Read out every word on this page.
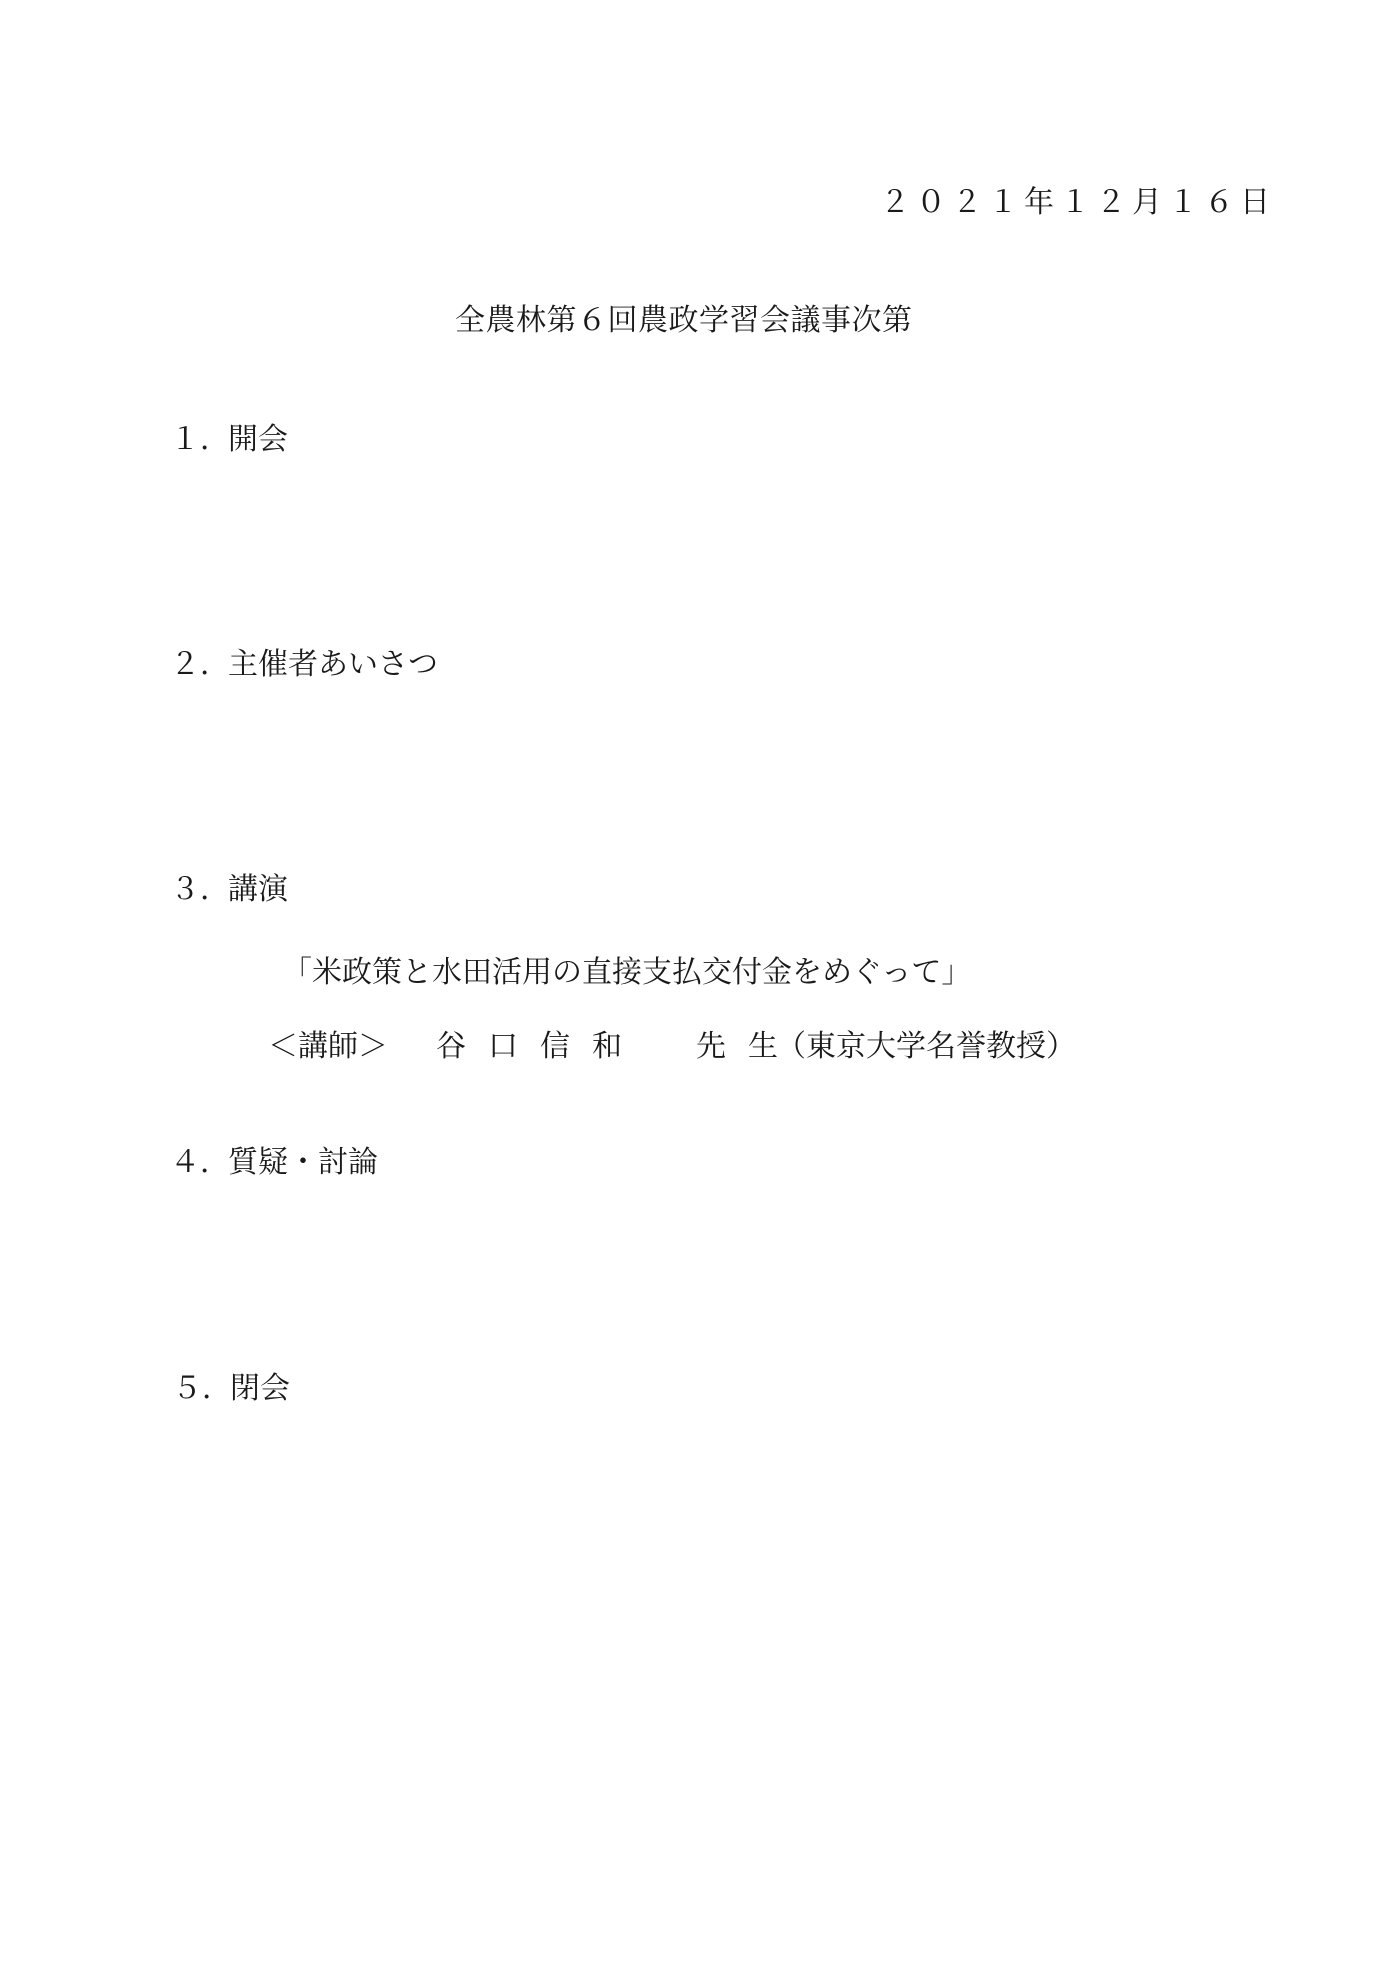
２０２１年１２月１６日
全農林第６回農政学習会議事次第
１．開会
２．主催者あいさつ
３．講演
「米政策と水田活用の直接支払交付金をめぐって」
＜講師＞ 谷口信和　先生（東京大学名誉教授）
４．質疑・討論
５．閉会
